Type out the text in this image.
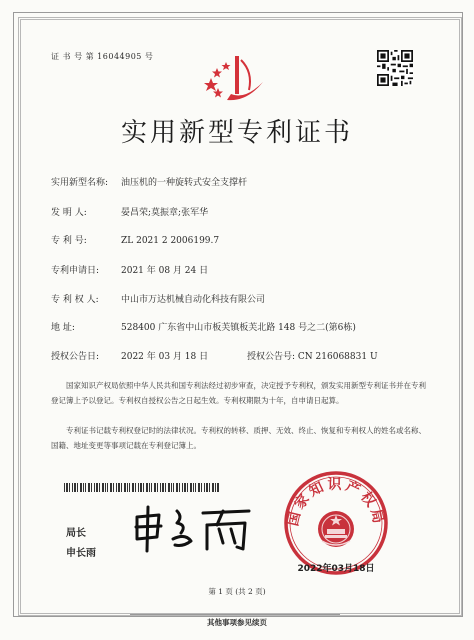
证 书 号 第 16044905 号
实用新型专利证书
实用新型名称: 油压机的一种旋转式安全支撑杆
发 明 人:	晏昌荣;莫振章;张军华
专 利 号:	ZL 2021 2 2006199.7
专利申请日: 2021 年 08 月 24 日
专 利 权 人: 中山市万达机械自动化科技有限公司
地 址:	528400 广东省中山市板芙镇板芙北路 148 号之二(第6栋)
授权公告日: 2022 年 03 月 18 日	授权公告号: CN 216068831 U

国家知识产权局依照中华人民共和国专利法经过初步审查，决定授予专利权，颁发实用新型专利证书并在专利登记簿上予以登记。专利权自授权公告之日起生效。专利权期限为十年，自申请日起算。

专利证书记载专利权登记时的法律状况。专利权的转移、质押、无效、终止、恢复和专利权人的姓名或名称、国籍、地址变更等事项记载在专利登记簿上。

局长
申长雨
国家知识产权局
2022年03月18日
第 1 页 (共 2 页)
其他事项参见续页
